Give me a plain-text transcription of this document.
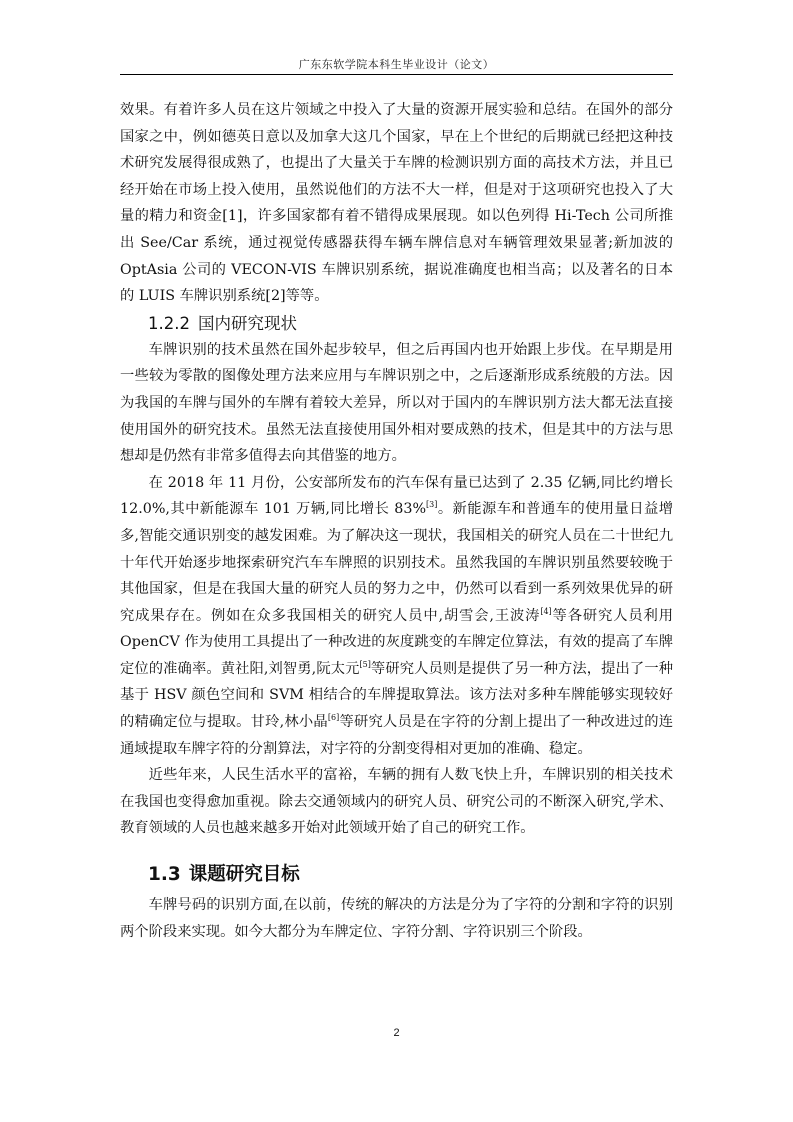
广东东软学院本科生毕业设计（论文）

效果。有着许多人员在这片领域之中投入了大量的资源开展实验和总结。在国外的部分国家之中，例如德英日意以及加拿大这几个国家，早在上个世纪的后期就已经把这种技术研究发展得很成熟了，也提出了大量关于车牌的检测识别方面的高技术方法，并且已经开始在市场上投入使用，虽然说他们的方法不大一样，但是对于这项研究也投入了大量的精力和资金[1]，许多国家都有着不错得成果展现。如以色列得 Hi-Tech 公司所推出 See/Car 系统，通过视觉传感器获得车辆车牌信息对车辆管理效果显著;新加波的 OptAsia 公司的 VECON-VIS 车牌识别系统，据说准确度也相当高；以及著名的日本的 LUIS 车牌识别系统[2]等等。

1.2.2 国内研究现状

车牌识别的技术虽然在国外起步较早，但之后再国内也开始跟上步伐。在早期是用一些较为零散的图像处理方法来应用与车牌识别之中，之后逐渐形成系统般的方法。因为我国的车牌与国外的车牌有着较大差异，所以对于国内的车牌识别方法大都无法直接使用国外的研究技术。虽然无法直接使用国外相对要成熟的技术，但是其中的方法与思想却是仍然有非常多值得去向其借鉴的地方。

在 2018 年 11 月份，公安部所发布的汽车保有量已达到了 2.35 亿辆,同比约增长 12.0%,其中新能源车 101 万辆,同比增长 83%[3]。新能源车和普通车的使用量日益增多,智能交通识别变的越发困难。为了解决这一现状，我国相关的研究人员在二十世纪九十年代开始逐步地探索研究汽车车牌照的识别技术。虽然我国的车牌识别虽然要较晚于其他国家，但是在我国大量的研究人员的努力之中，仍然可以看到一系列效果优异的研究成果存在。例如在众多我国相关的研究人员中,胡雪会,王波涛[4]等各研究人员利用 OpenCV 作为使用工具提出了一种改进的灰度跳变的车牌定位算法，有效的提高了车牌定位的准确率。黄社阳,刘智勇,阮太元[5]等研究人员则是提供了另一种方法，提出了一种基于 HSV 颜色空间和 SVM 相结合的车牌提取算法。该方法对多种车牌能够实现较好的精确定位与提取。甘玲,林小晶[6]等研究人员是在字符的分割上提出了一种改进过的连通域提取车牌字符的分割算法，对字符的分割变得相对更加的准确、稳定。

近些年来，人民生活水平的富裕，车辆的拥有人数飞快上升，车牌识别的相关技术在我国也变得愈加重视。除去交通领域内的研究人员、研究公司的不断深入研究,学术、教育领域的人员也越来越多开始对此领域开始了自己的研究工作。

1.3 课题研究目标

车牌号码的识别方面,在以前，传统的解决的方法是分为了字符的分割和字符的识别两个阶段来实现。如今大都分为车牌定位、字符分割、字符识别三个阶段。

2
